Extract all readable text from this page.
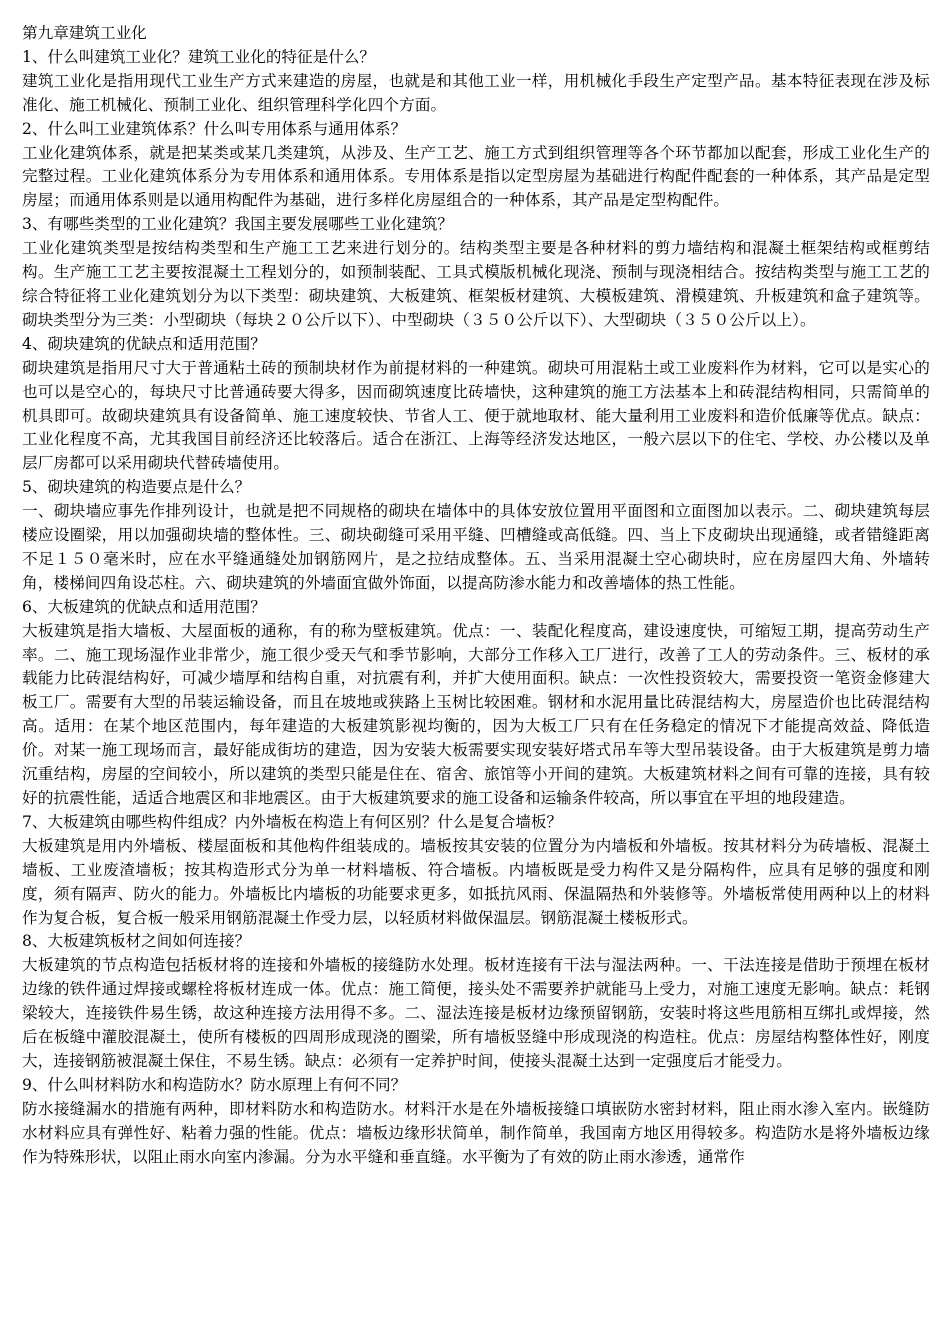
第九章建筑工业化

1、什么叫建筑工业化？建筑工业化的特征是什么？

建筑工业化是指用现代工业生产方式来建造的房屋，也就是和其他工业一样，用机械化手段生产定型产品。基本特征表现在涉及标准化、施工机械化、预制工业化、组织管理科学化四个方面。

2、什么叫工业建筑体系？什么叫专用体系与通用体系？

工业化建筑体系，就是把某类或某几类建筑，从涉及、生产工艺、施工方式到组织管理等各个环节都加以配套，形成工业化生产的完整过程。工业化建筑体系分为专用体系和通用体系。专用体系是指以定型房屋为基础进行构配件配套的一种体系，其产品是定型房屋；而通用体系则是以通用构配件为基础，进行多样化房屋组合的一种体系，其产品是定型构配件。

3、有哪些类型的工业化建筑？我国主要发展哪些工业化建筑？

工业化建筑类型是按结构类型和生产施工工艺来进行划分的。结构类型主要是各种材料的剪力墙结构和混凝土框架结构或框剪结构。生产施工工艺主要按混凝土工程划分的，如预制装配、工具式模版机械化现浇、预制与现浇相结合。按结构类型与施工工艺的综合特征将工业化建筑划分为以下类型：砌块建筑、大板建筑、框架板材建筑、大模板建筑、滑模建筑、升板建筑和盒子建筑等。砌块类型分为三类：小型砌块（每块２０公斤以下）、中型砌块（３５０公斤以下）、大型砌块（３５０公斤以上）。

4、砌块建筑的优缺点和适用范围？

砌块建筑是指用尺寸大于普通粘土砖的预制块材作为前提材料的一种建筑。砌块可用混粘土或工业废料作为材料，它可以是实心的也可以是空心的，每块尺寸比普通砖要大得多，因而砌筑速度比砖墙快，这种建筑的施工方法基本上和砖混结构相同，只需简单的机具即可。故砌块建筑具有设备简单、施工速度较快、节省人工、便于就地取材、能大量利用工业废料和造价低廉等优点。缺点：工业化程度不高，尤其我国目前经济还比较落后。适合在浙江、上海等经济发达地区，一般六层以下的住宅、学校、办公楼以及单层厂房都可以采用砌块代替砖墙使用。

5、砌块建筑的构造要点是什么？

一、砌块墙应事先作排列设计，也就是把不同规格的砌块在墙体中的具体安放位置用平面图和立面图加以表示。二、砌块建筑每层楼应设圈梁，用以加强砌块墙的整体性。三、砌块砌缝可采用平缝、凹槽缝或高低缝。四、当上下皮砌块出现通缝，或者错缝距离不足１５０毫米时，应在水平缝通缝处加钢筋网片，是之拉结成整体。五、当采用混凝土空心砌块时，应在房屋四大角、外墙转角，楼梯间四角设芯柱。六、砌块建筑的外墙面宜做外饰面，以提高防渗水能力和改善墙体的热工性能。

6、大板建筑的优缺点和适用范围？

大板建筑是指大墙板、大屋面板的通称，有的称为壁板建筑。优点：一、装配化程度高，建设速度快，可缩短工期，提高劳动生产率。二、施工现场湿作业非常少，施工很少受天气和季节影响，大部分工作移入工厂进行，改善了工人的劳动条件。三、板材的承载能力比砖混结构好，可减少墙厚和结构自重，对抗震有利，并扩大使用面积。缺点：一次性投资较大，需要投资一笔资金修建大板工厂。需要有大型的吊装运输设备，而且在坡地或狭路上玉树比较困难。钢材和水泥用量比砖混结构大，房屋造价也比砖混结构高。适用：在某个地区范围内，每年建造的大板建筑影视均衡的，因为大板工厂只有在任务稳定的情况下才能提高效益、降低造价。对某一施工现场而言，最好能成街坊的建造，因为安装大板需要实现安装好塔式吊车等大型吊装设备。由于大板建筑是剪力墙沉重结构，房屋的空间较小，所以建筑的类型只能是住在、宿舍、旅馆等小开间的建筑。大板建筑材料之间有可靠的连接，具有较好的抗震性能，适适合地震区和非地震区。由于大板建筑要求的施工设备和运输条件较高，所以事宜在平坦的地段建造。

7、大板建筑由哪些构件组成？内外墙板在构造上有何区别？什么是复合墙板？

大板建筑是用内外墙板、楼屋面板和其他构件组装成的。墙板按其安装的位置分为内墙板和外墙板。按其材料分为砖墙板、混凝土墙板、工业废渣墙板；按其构造形式分为单一材料墙板、符合墙板。内墙板既是受力构件又是分隔构件，应具有足够的强度和刚度，须有隔声、防火的能力。外墙板比内墙板的功能要求更多，如抵抗风雨、保温隔热和外装修等。外墙板常使用两种以上的材料作为复合板，复合板一般采用钢筋混凝土作受力层，以轻质材料做保温层。钢筋混凝土楼板形式。

8、大板建筑板材之间如何连接？

大板建筑的节点构造包括板材将的连接和外墙板的接缝防水处理。板材连接有干法与湿法两种。一、干法连接是借助于预埋在板材边缘的铁件通过焊接或螺栓将板材连成一体。优点：施工简便，接头处不需要养护就能马上受力，对施工速度无影响。缺点：耗钢梁较大，连接铁件易生锈，故这种连接方法用得不多。二、湿法连接是板材边缘预留钢筋，安装时将这些甩筋相互绑扎或焊接，然后在板缝中灌胶混凝土，使所有楼板的四周形成现浇的圈梁，所有墙板竖缝中形成现浇的构造柱。优点：房屋结构整体性好，刚度大，连接钢筋被混凝土保住，不易生锈。缺点：必须有一定养护时间，使接头混凝土达到一定强度后才能受力。

9、什么叫材料防水和构造防水？防水原理上有何不同？

防水接缝漏水的措施有两种，即材料防水和构造防水。材料汗水是在外墙板接缝口填嵌防水密封材料，阻止雨水渗入室内。嵌缝防水材料应具有弹性好、粘着力强的性能。优点：墙板边缘形状简单，制作简单，我国南方地区用得较多。构造防水是将外墙板边缘作为特殊形状，以阻止雨水向室内渗漏。分为水平缝和垂直缝。水平衡为了有效的防止雨水渗透，通常作
